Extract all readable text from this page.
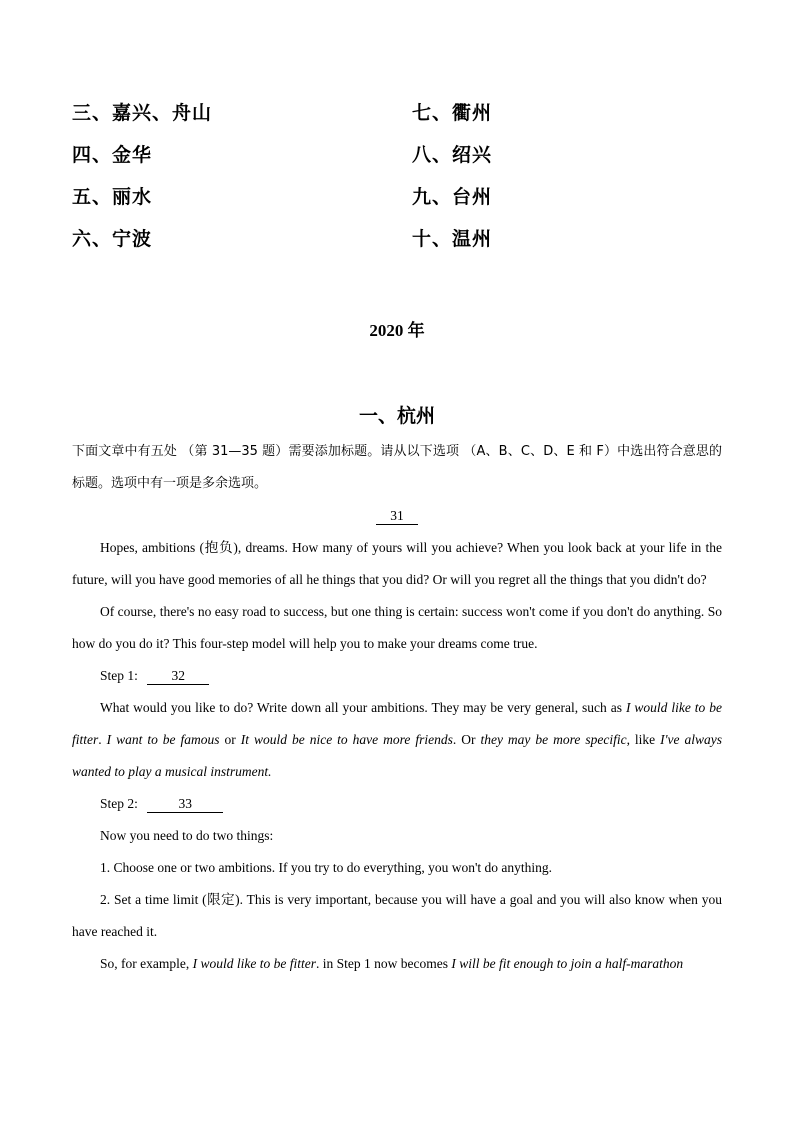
三、嘉兴、舟山	七、衢州
四、金华	八、绍兴
五、丽水	九、台州
六、宁波	十、温州
2020 年
一、杭州

下面文章中有五处 （第 31—35 题）需要添加标题。请从以下选项 （A、B、C、D、E 和 F）中选出符合意思的标题。选项中有一项是多余选项。

31

Hopes, ambitions (抱负), dreams. How many of yours will you achieve? When you look back at your life in the future, will you have good memories of all he things that you did? Or will you regret all the things that you didn't do?

Of course, there's no easy road to success, but one thing is certain: success won't come if you don't do anything. So how do you do it? This four-step model will help you to make your dreams come true.

Step 1: 32

What would you like to do? Write down all your ambitions. They may be very general, such as I would like to be fitter. I want to be famous or It would be nice to have more friends. Or they may be more specific, like I've always wanted to play a musical instrument.

Step 2:	33

Now you need to do two things:

1. Choose one or two ambitions. If you try to do everything, you won't do anything.

2. Set a time limit (限定). This is very important, because you will have a goal and you will also know when you have reached it.

So, for example, I would like to be fitter. in Step 1 now becomes I will be fit enough to join a half-marathon
